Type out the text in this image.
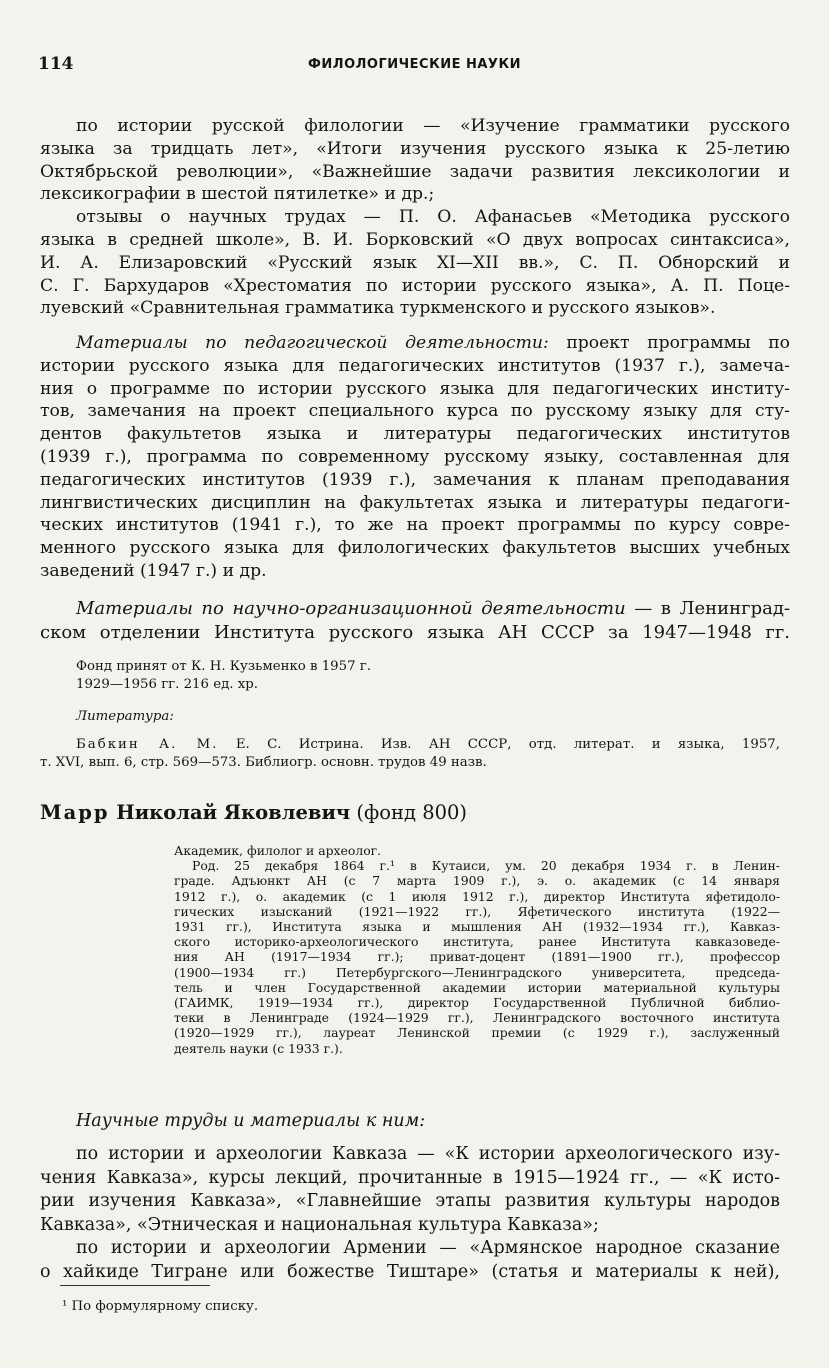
114	ФИЛОЛОГИЧЕСКИЕ НАУКИ
по истории русской филологии — «Изучение грамматики русского
языка за тридцать лет», «Итоги изучения русского языка к 25-летию
Октябрьской революции», «Важнейшие задачи развития лексикологии и
лексикографии в шестой пятилетке» и др.;
отзывы о научных трудах — П. О. Афанасьев «Методика русского
языка в средней школе», В. И. Борковский «О двух вопросах синтаксиса»,
И. А. Елизаровский «Русский язык XI—XII вв.», С. П. Обнорский и
С. Г. Бархударов «Хрестоматия по истории русского языка», А. П. Поце-
луевский «Сравнительная грамматика туркменского и русского языков».
Материалы по педагогической деятельности: проект программы по
истории русского языка для педагогических институтов (1937 г.), замеча-
ния о программе по истории русского языка для педагогических институ-
тов, замечания на проект специального курса по русскому языку для сту-
дентов факультетов языка и литературы педагогических институтов
(1939 г.), программа по современному русскому языку, составленная для
педагогических институтов (1939 г.), замечания к планам преподавания
лингвистических дисциплин на факультетах языка и литературы педагоги-
ческих институтов (1941 г.), то же на проект программы по курсу совре-
менного русского языка для филологических факультетов высших учебных
заведений (1947 г.) и др.
Материалы по научно-организационной деятельности — в Ленинград-
ском отделении Института русского языка АН СССР за 1947—1948 гг.
Фонд принят от К. Н. Кузьменко в 1957 г.
1929—1956 гг. 216 ед. хр.
Литература:
Бабкин А. М. Е. С. Истрина. Изв. АН СССР, отд. литерат. и языка, 1957,
т. XVI, вып. 6, стр. 569—573. Библиогр. основн. трудов 49 назв.
Марр Николай Яковлевич (фонд 800)
Академик, филолог и археолог.
Род. 25 декабря 1864 г.¹ в Кутаиси, ум. 20 декабря 1934 г. в Ленин-
граде. Адъюнкт АН (с 7 марта 1909 г.), э. о. академик (с 14 января
1912 г.), о. академик (с 1 июля 1912 г.), директор Института яфетидоло-
гических изысканий (1921—1922 гг.), Яфетического института (1922—
1931 гг.), Института языка и мышления АН (1932—1934 гг.), Кавказ-
ского историко-археологического института, ранее Института кавказоведе-
ния АН (1917—1934 гг.); приват-доцент (1891—1900 гг.), профессор
(1900—1934 гг.) Петербургского—Ленинградского университета, председа-
тель и член Государственной академии истории материальной культуры
(ГАИМК, 1919—1934 гг.), директор Государственной Публичной библио-
теки в Ленинграде (1924—1929 гг.), Ленинградского восточного института
(1920—1929 гг.), лауреат Ленинской премии (с 1929 г.), заслуженный
деятель науки (с 1933 г.).
Научные труды и материалы к ним:
по истории и археологии Кавказа — «К истории археологического изу-
чения Кавказа», курсы лекций, прочитанные в 1915—1924 гг., — «К исто-
рии изучения Кавказа», «Главнейшие этапы развития культуры народов
Кавказа», «Этническая и национальная культура Кавказа»;
по истории и археологии Армении — «Армянское народное сказание
о хайкиде Тигране или божестве Тиштаре» (статья и материалы к ней),
¹ По формулярному списку.
